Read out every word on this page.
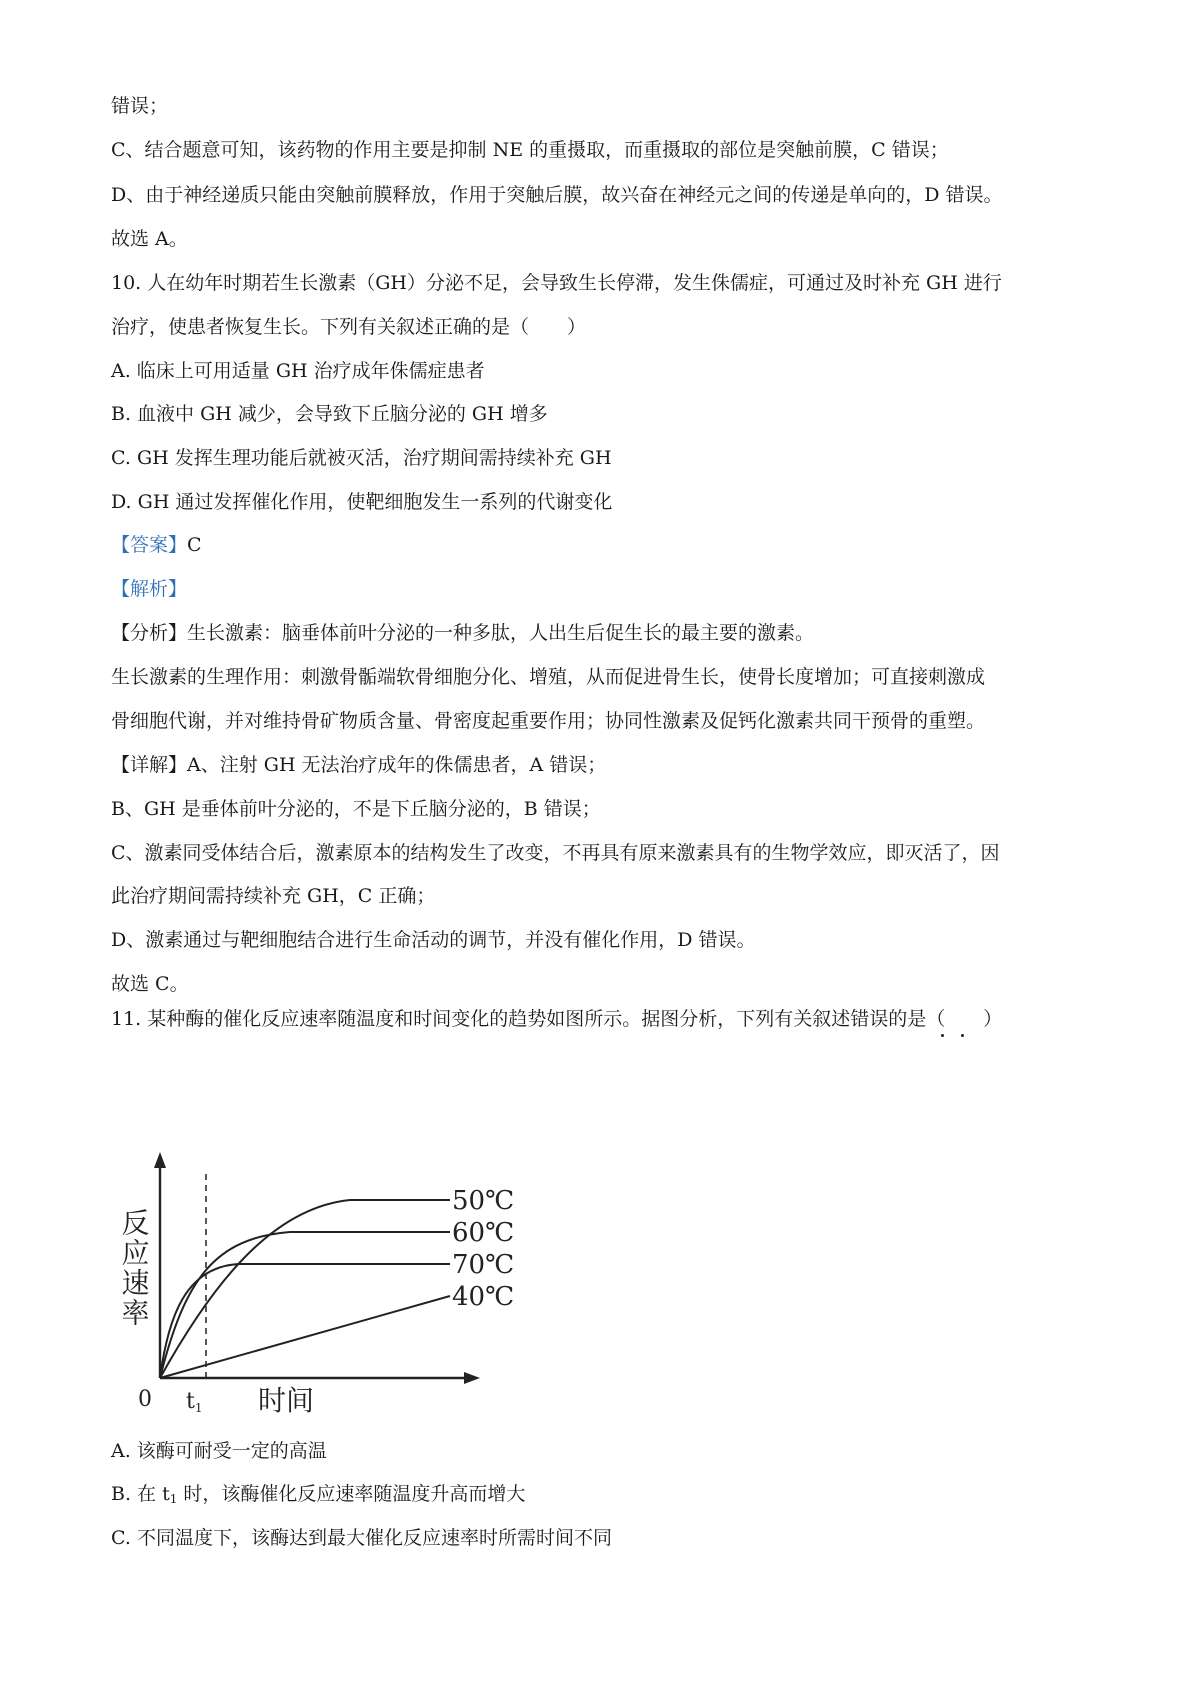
错误；
C、结合题意可知，该药物的作用主要是抑制 NE 的重摄取，而重摄取的部位是突触前膜，C 错误；
D、由于神经递质只能由突触前膜释放，作用于突触后膜，故兴奋在神经元之间的传递是单向的，D 错误。
故选 A。
10. 人在幼年时期若生长激素（GH）分泌不足，会导致生长停滞，发生侏儒症，可通过及时补充 GH 进行
治疗，使患者恢复生长。下列有关叙述正确的是（　　）
A. 临床上可用适量 GH 治疗成年侏儒症患者
B. 血液中 GH 减少，会导致下丘脑分泌的 GH 增多
C. GH 发挥生理功能后就被灭活，治疗期间需持续补充 GH
D. GH 通过发挥催化作用，使靶细胞发生一系列的代谢变化
【答案】C
【解析】
【分析】生长激素：脑垂体前叶分泌的一种多肽，人出生后促生长的最主要的激素。
生长激素的生理作用：刺激骨骺端软骨细胞分化、增殖，从而促进骨生长，使骨长度增加；可直接刺激成
骨细胞代谢，并对维持骨矿物质含量、骨密度起重要作用；协同性激素及促钙化激素共同干预骨的重塑。
【详解】A、注射 GH 无法治疗成年的侏儒患者，A 错误；
B、GH 是垂体前叶分泌的，不是下丘脑分泌的，B 错误；
C、激素同受体结合后，激素原本的结构发生了改变，不再具有原来激素具有的生物学效应，即灭活了，因
此治疗期间需持续补充 GH，C 正确；
D、激素通过与靶细胞结合进行生命活动的调节，并没有催化作用，D 错误。
故选 C。
11. 某种酶的催化反应速率随温度和时间变化的趋势如图所示。据图分析，下列有关叙述错误的是（　　）
50℃
60℃
70℃
40℃
反应速率
0 t1 时间
A. 该酶可耐受一定的高温
B. 在 $t_1$ 时，该酶催化反应速率随温度升高而增大
C. 不同温度下，该酶达到最大催化反应速率时所需时间不同
